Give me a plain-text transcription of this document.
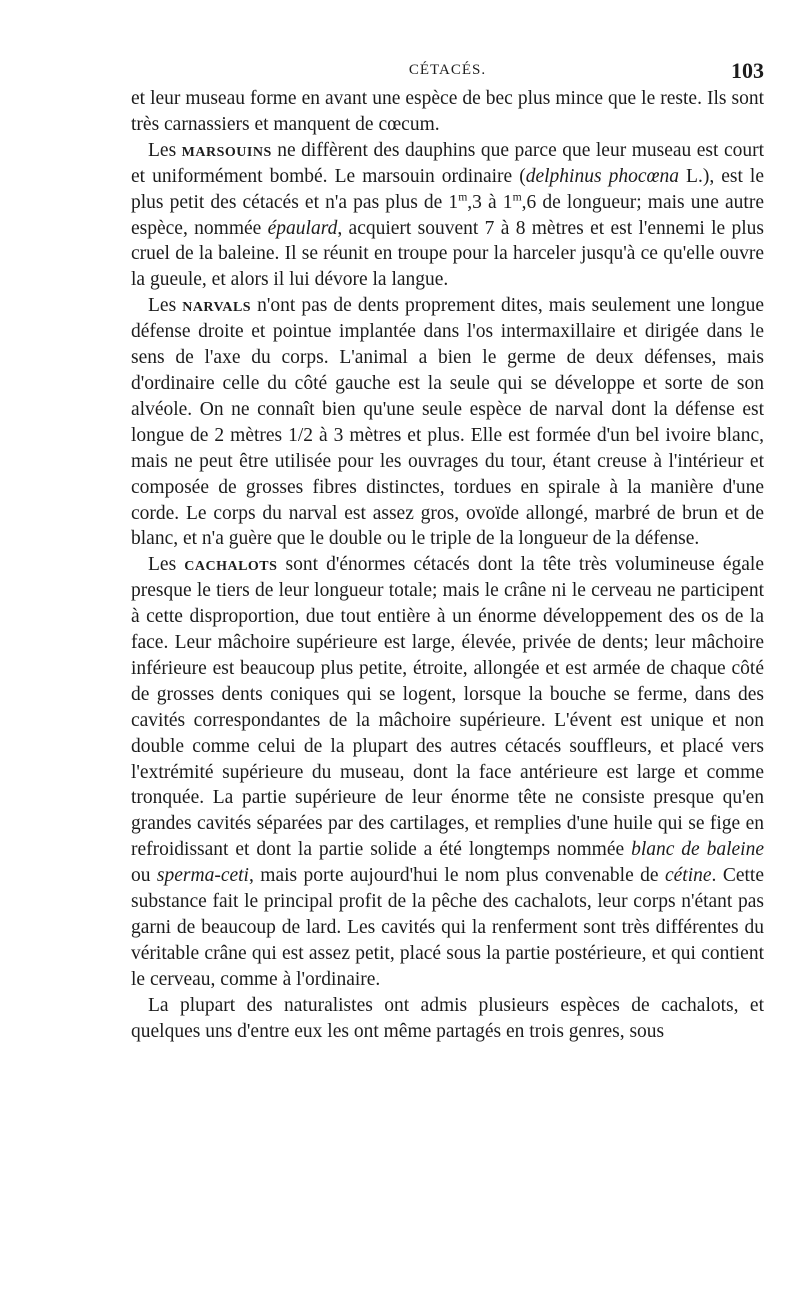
CÉTACÉS.	103

et leur museau forme en avant une espèce de bec plus mince que le reste. Ils sont très carnassiers et manquent de cœcum.

Les marsouins ne diffèrent des dauphins que parce que leur museau est court et uniformément bombé. Le marsouin ordinaire (delphinus phocœna L.), est le plus petit des cétacés et n'a pas plus de 1$^m$,3 à 1$^m$,6 de longueur; mais une autre espèce, nommée épaulard, acquiert souvent 7 à 8 mètres et est l'ennemi le plus cruel de la baleine. Il se réunit en troupe pour la harceler jusqu'à ce qu'elle ouvre la gueule, et alors il lui dévore la langue.

Les narvals n'ont pas de dents proprement dites, mais seulement une longue défense droite et pointue implantée dans l'os intermaxillaire et dirigée dans le sens de l'axe du corps. L'animal a bien le germe de deux défenses, mais d'ordinaire celle du côté gauche est la seule qui se développe et sorte de son alvéole. On ne connaît bien qu'une seule espèce de narval dont la défense est longue de 2 mètres 1/2 à 3 mètres et plus. Elle est formée d'un bel ivoire blanc, mais ne peut être utilisée pour les ouvrages du tour, étant creuse à l'intérieur et composée de grosses fibres distinctes, tordues en spirale à la manière d'une corde. Le corps du narval est assez gros, ovoïde allongé, marbré de brun et de blanc, et n'a guère que le double ou le triple de la longueur de la défense.

Les cachalots sont d'énormes cétacés dont la tête très volumineuse égale presque le tiers de leur longueur totale; mais le crâne ni le cerveau ne participent à cette disproportion, due tout entière à un énorme développement des os de la face. Leur mâchoire supérieure est large, élevée, privée de dents; leur mâchoire inférieure est beaucoup plus petite, étroite, allongée et est armée de chaque côté de grosses dents coniques qui se logent, lorsque la bouche se ferme, dans des cavités correspondantes de la mâchoire supérieure. L'évent est unique et non double comme celui de la plupart des autres cétacés souffleurs, et placé vers l'extrémité supérieure du museau, dont la face antérieure est large et comme tronquée. La partie supérieure de leur énorme tête ne consiste presque qu'en grandes cavités séparées par des cartilages, et remplies d'une huile qui se fige en refroidissant et dont la partie solide a été longtemps nommée blanc de baleine ou sperma-ceti, mais porte aujourd'hui le nom plus convenable de cétine. Cette substance fait le principal profit de la pêche des cachalots, leur corps n'étant pas garni de beaucoup de lard. Les cavités qui la renferment sont très différentes du véritable crâne qui est assez petit, placé sous la partie postérieure, et qui contient le cerveau, comme à l'ordinaire.

La plupart des naturalistes ont admis plusieurs espèces de cachalots, et quelques uns d'entre eux les ont même partagés en trois genres, sous
